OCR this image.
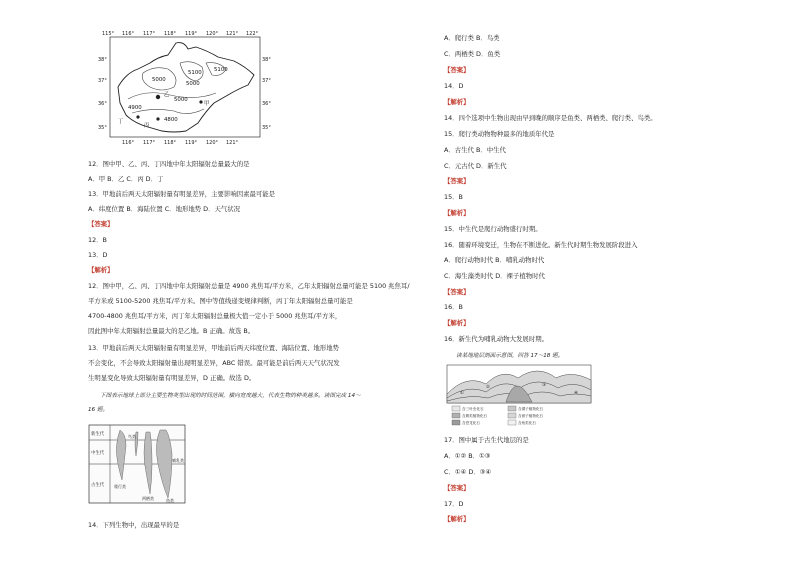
115° 116° 117° 118° 119° 120° 121° 122°
116° 117° 118° 119° 120° 121°
38°
37°
36°
35°
38°
37°
36°
35°
5100
5000
5000
5100
5000
4900
4800
甲
乙
丙
丁
12．图中甲、乙、丙、丁四地中年太阳辐射总量最大的是
A．甲 B．乙 C．丙 D．丁
13．甲地前后两天太阳辐射量有明显差异，主要影响因素最可能是
A．纬度位置 B．海陆位置 C．地形地势 D．天气状况
【答案】
12．B
13．D
【解析】
12．图中甲，乙、丙、丁四地中年太阳辐射总量是 4900 兆焦耳/平方米，乙年太阳辐射总量可能是 5100 兆焦耳/
平方米或 5100-5200 兆焦耳/平方米。图中等值线递变规律判断，丙丁年太阳辐射总量可能是
4700-4800 兆焦耳/平方米，丙丁年太阳辐射总量极大值一定小于 5000 兆焦耳/平方米，
因此图中年太阳辐射总量最大的是乙地。B 正确。故选 B。
13．甲地前后两天太阳辐射量有明显差异，甲地前后两天纬度位置、海陆位置、地形地势
不会变化，不会导致太阳辐射量出现明显差异，ABC 错误。最可能是前后两天天气状况发
生明显变化导致太阳辐射量有明显差异，D 正确。故选 D。
下图表示地球上部分主要生物类型出现的时间范围，横向宽度越大，代表生物的种类越多。读图完成 14～
16 题。
新生代
中生代
古生代
鸟类
哺乳类
爬行类
两栖类	鱼类
14．下列生物中，出现最早的是
A．爬行类 B．鸟类
C．两栖类 D．鱼类
【答案】
14．D
【解析】
14．四个选项中生物出现由早到晚的顺序是鱼类、两栖类、爬行类、鸟类。
15．爬行类动物物种最多的地质年代是
A．古生代 B．中生代
C．元古代 D．新生代
【答案】
15．B
【解析】
15．中生代是爬行动物盛行时期。
16．随着环境变迁，生物在不断进化。新生代时期生物发展阶段进入
A．爬行动物时代 B．哺乳动物时代
C．海生藻类时代 D．裸子植物时代
【答案】
16．B
【解析】
16．新生代为哺乳动物大发展时期。
读某地地层剖面示意图，回答 17～18 题。
①
②	③
④
含三叶虫化石	含裸子植物化石
含蕨类植物化石	含被子植物化石
含恐龙化石	含鱼类化石
17．图中属于古生代地层的是
A．①② B．①③
C．①④ D．③④
【答案】
17．D
【解析】
